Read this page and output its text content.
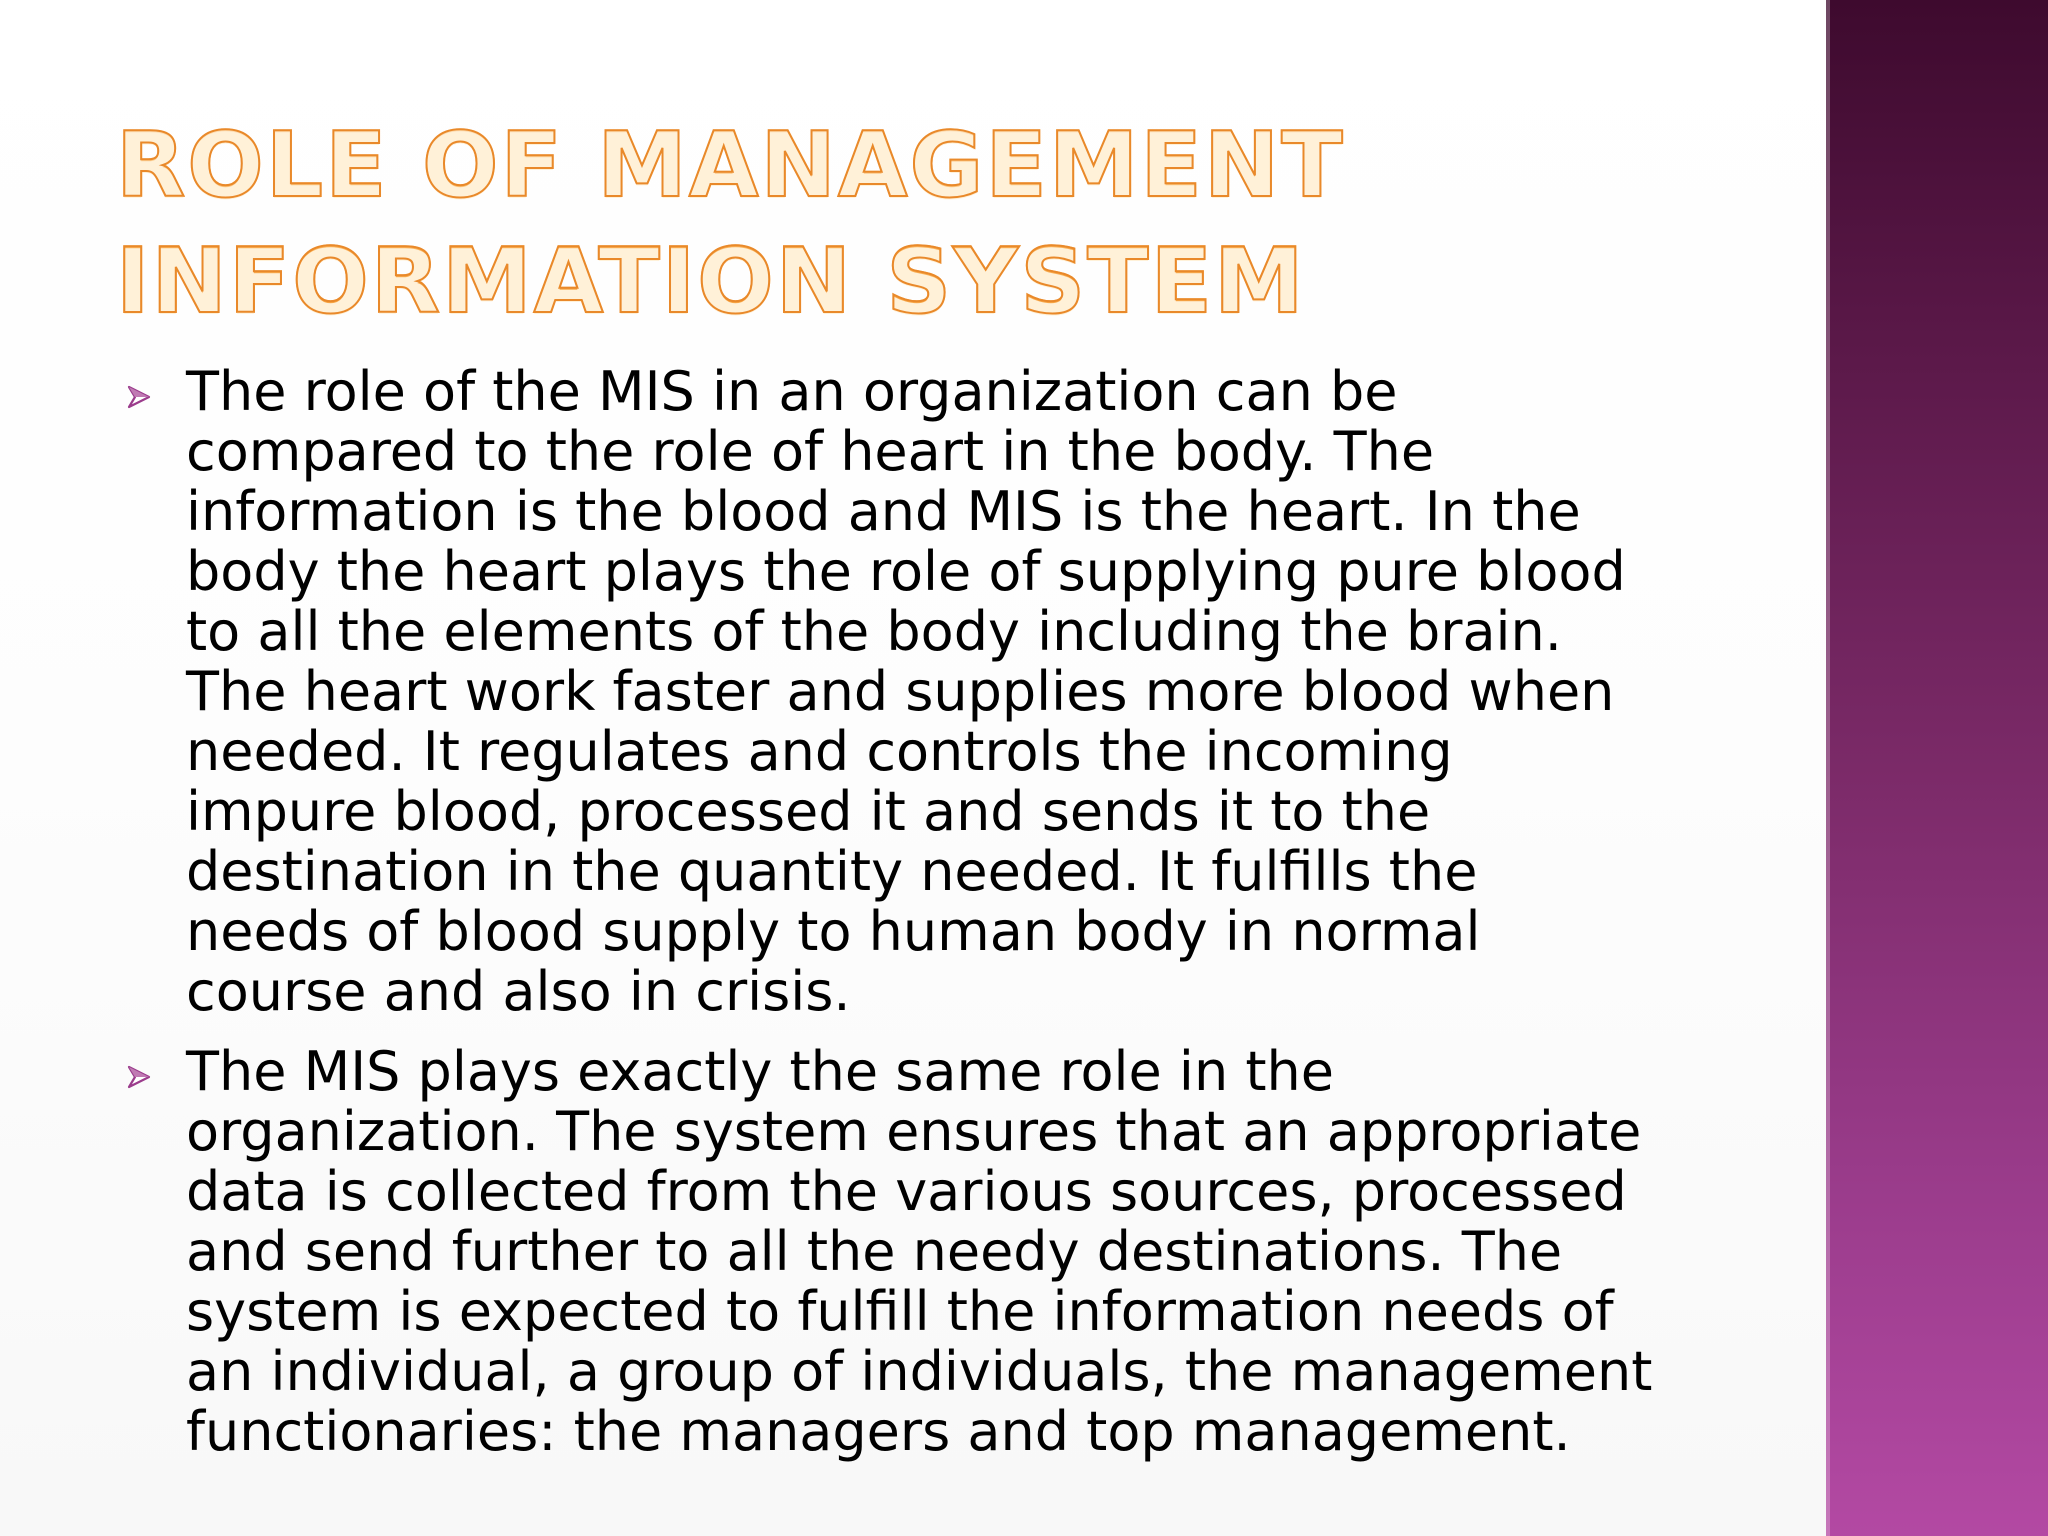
ROLE OF MANAGEMENT
INFORMATION SYSTEM
The role of the MIS in an organization can be
compared to the role of heart in the body. The
information is the blood and MIS is the heart. In the
body the heart plays the role of supplying pure blood
to all the elements of the body including the brain.
The heart work faster and supplies more blood when
needed. It regulates and controls the incoming
impure blood, processed it and sends it to the
destination in the quantity needed. It fulfills the
needs of blood supply to human body in normal
course and also in crisis.
The MIS plays exactly the same role in the
organization. The system ensures that an appropriate
data is collected from the various sources, processed
and send further to all the needy destinations. The
system is expected to fulfill the information needs of
an individual, a group of individuals, the management
functionaries: the managers and top management.
